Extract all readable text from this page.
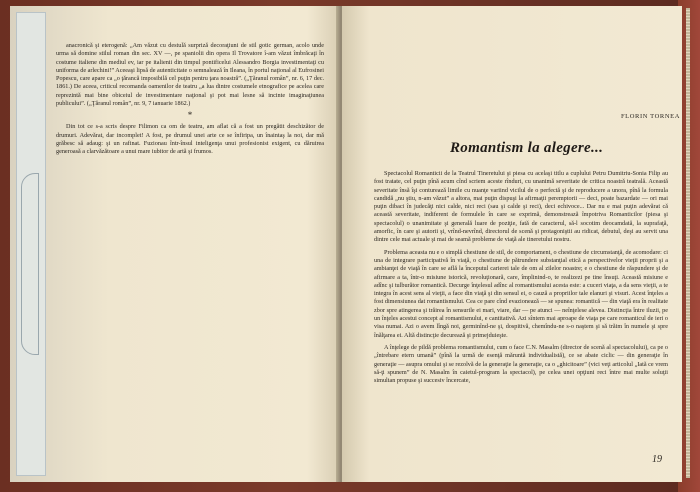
anacronică şi eterogenă: „Am văzut cu destulă surpriză decoraţiuni de stil gotic german, acolo unde urma să domine stilul roman din sec. XV —, pe spaniolii din opera Il Trovatore î-am văzut îmbrăcaţi în costume italiene din mediul ev, iar pe italienii din timpul pontificelui Alessandro Borgia investimentaţi cu uniforma de arlechini!” Aceeaşi lipsă de autenticitate o semnalează în Ileana, în portul naţional al Eufrosinei Popescu, care apare ca „o ţărancă imposibilă cel puţin pentru ţara noastră”. („Ţăranul român”, nr. 6, 17 dec. 1861.) De aceea, criticul recomanda oamenilor de teatru „a lua dintre costumele etnografice pe acelea care reprezintă mai bine obiceiul de investimentare naţional şi pot mai lesne să incinte imaginaţiunea publicului”. („Ţăranul român”, nr. 9, 7 ianuarie 1862.)

*

Din tot ce s-a scris despre Filimon ca om de teatru, am aflat că a fost un pregătit deschizător de drumuri. Adevărat, dar incomplet! A fost, pe drumul unei arte ce se înfiripa, un înaintaş la noi, dar mă grăbesc să adaug: şi un rafinat. Fuzionau într-însul inteligenţa unui profesionist exigent, cu dăruirea generoasă a clarvăzătoare a unui mare iubitor de artă şi frumos.

FLORIN TORNEA
Romantism la alegere...

Spectacolul Romanticii de la Teatrul Tineretului şi piesa cu acelaşi titlu a cuplului Petru Dumitriu-Sonia Filip au fost tratate, cel puţin pînă acum cînd scriem aceste rînduri, cu unanimă severitate de critica noastră teatrală. Această severitate însă îşi conturează limile cu nuanţe variind vicilul de o perfectă şi de reproducere a unora, pînă la formula candidă „nu ştiu, n-am văzut” a altora, mai puţin dispuşi la afirmaţii peremptorii — deci, poate bazardate — ori mai puţin dibaci în judecăţi nici calde, nici reci (sau şi calde şi reci), deci echivoce... Dar nu e mai puţin adevărat că această severitate, indiferent de formulele în care se exprimă, demonstrează împotriva Romanticilor (piesa şi spectacolul) o unanimitate şi generală luare de poziţie, fată de caracterul, să-l socotim deocamdată, la suprafaţă, amorfic, în care şi autorii şi, vrînd-nevrînd, directorul de scenă şi protagoniştii au ridicat, debutul, deşi au servit una dintre cele mai actuale şi mai de seamă probleme de viaţă ale tineretului nostru.

Problema aceasta nu e o simplă chestiune de stil, de comportament, o chestiune de circumstanţă, de acomodare: ci una de integrare participativă în viaţă, o chestiune de pătrundere substanţial etică a perspectivelor vieţii proprii şi a ambianţei de viaţă în care se află la începutul carierei tale de om al zilelor noastre; e o chestiune de răspundere şi de afirmare a ta, într-o misiune istorică, revoluţionară, care, împlinind-o, te realizezi pe tine însuţi. Această misiune e adînc şi tulburător romantică. Decurge înţelesul adînc al romantismului acesta este: a cuceri viaţa, a da sens vieţii, a te integra în acest sens al vieţii, a face din viaţă şi din sensul ei, o cauză a propriilor tale elanuri şi visuri. Acest înţeles a fost dimensiunea dat romantismului. Cea ce pare cînd evazionează — se spunea: romantică — din viaţă era în realitate zbor spre atingerea şi trăirea în sensurile ei mari, viare, dar — pe atunci — neînţelese alevea. Distincţia între iluzii, pe un înţeles acestui concept al romantismului, e cantitativă. Azi sîntem mai aproape de viaţa pe care romanticul de ieri o visa numai. Azi o avem lîngă noi, germinînd-ne şi, dospitivă, chemîndu-ne s-o naştem şi să trăim în numele şi spre înălţarea ei. Altă distincţie decurează şi primejduieşte.

A înţelege de pildă problema romantismului, cum o face C.N. Masalm (director de scenă al spectacolului), ca pe o „întrebare etern umană” (pînă la urmă de esenţă măruntă individualistă), ce se abate ciclic — din generaţie în generaţie — asupra omului şi se rezolvă de la generaţie la generaţie, ca o „ghicitoare” (vici veţi articolul „Iată ce vrem să-ţi spunem” de N. Masalm în caietul-program la spectacol), pe celea unei opţiuni reci între mai multe soluţii simultan propuse şi succesiv încercate,

19
